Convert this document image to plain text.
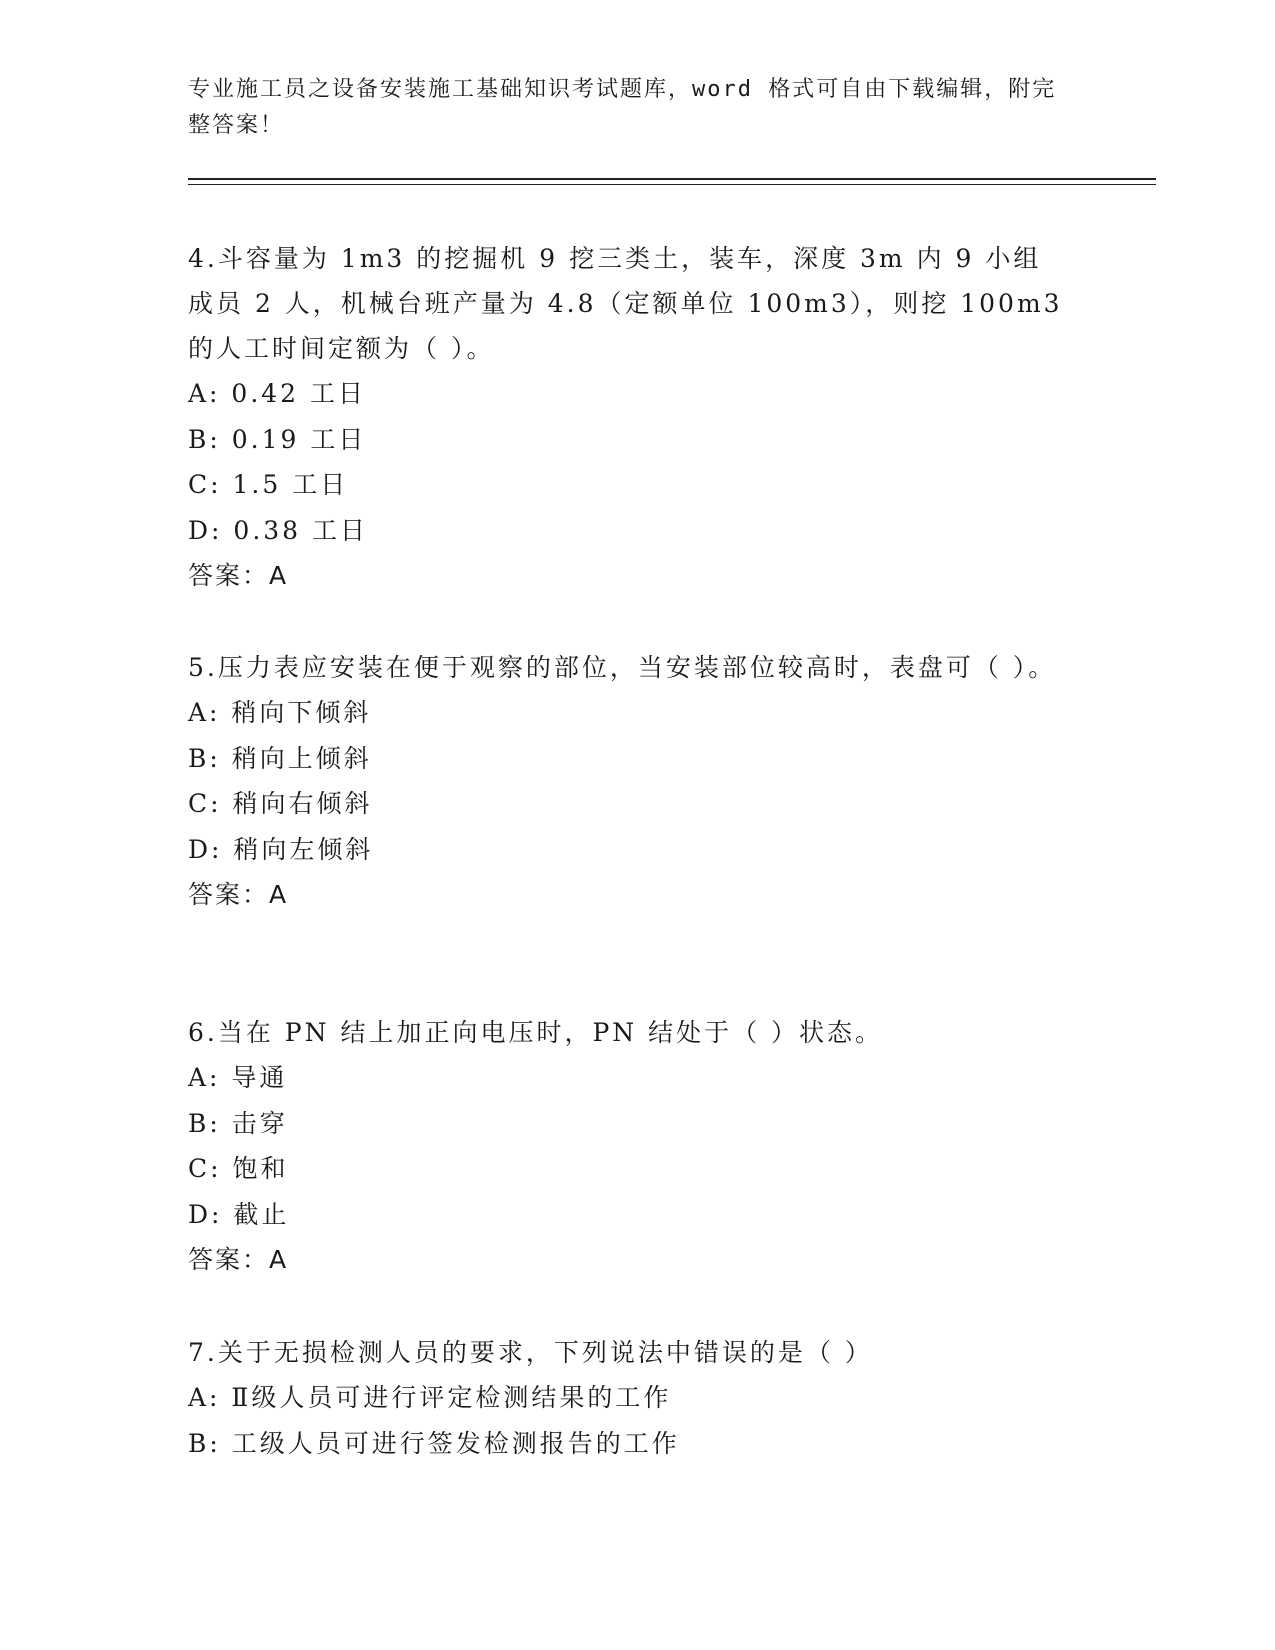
专业施工员之设备安装施工基础知识考试题库，word 格式可自由下载编辑，附完整答案！
4.斗容量为 1m3 的挖掘机 9 挖三类土，装车，深度 3m 内 9 小组成员 2 人，机械台班产量为 4.8（定额单位 100m3），则挖 100m3 的人工时间定额为（ ）。
A: 0.42 工日
B: 0.19 工日
C: 1.5 工日
D: 0.38 工日
答案：A
5.压力表应安装在便于观察的部位，当安装部位较高时，表盘可（ ）。
A: 稍向下倾斜
B: 稍向上倾斜
C: 稍向右倾斜
D: 稍向左倾斜
答案：A
6.当在 PN 结上加正向电压时，PN 结处于（ ）状态。
A: 导通
B: 击穿
C: 饱和
D: 截止
答案：A
7.关于无损检测人员的要求，下列说法中错误的是（ ）
A: Ⅱ级人员可进行评定检测结果的工作
B: 工级人员可进行签发检测报告的工作
